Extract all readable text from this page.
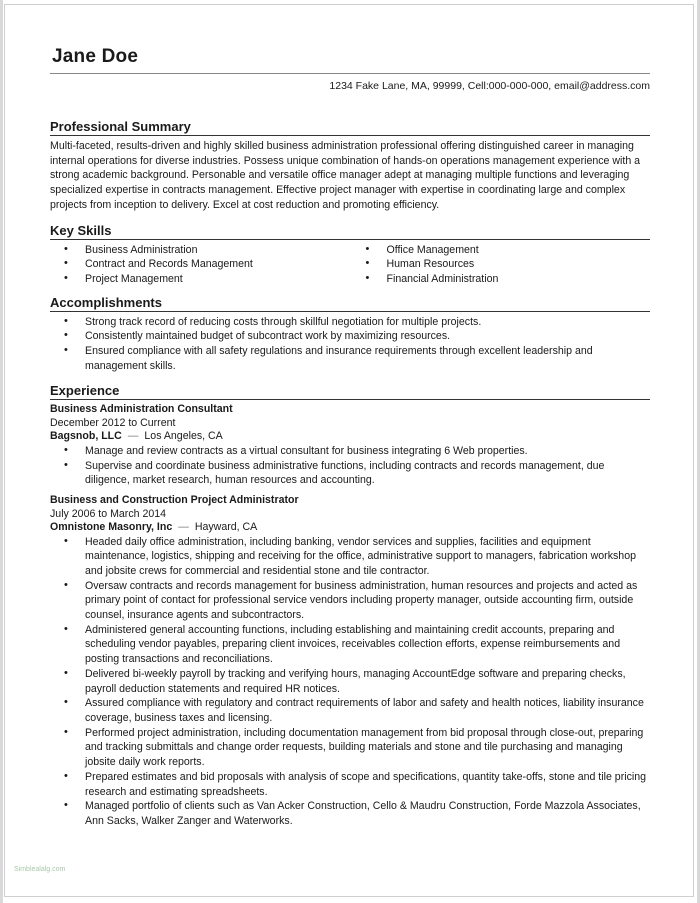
Jane Doe
1234 Fake Lane, MA, 99999, Cell:000-000-000, email@address.com
Professional Summary

Multi-faceted, results-driven and highly skilled business administration professional offering distinguished career in managing internal operations for diverse industries. Possess unique combination of hands-on operations management experience with a strong academic background. Personable and versatile office manager adept at managing multiple functions and leveraging specialized expertise in contracts management. Effective project manager with expertise in coordinating large and complex projects from inception to delivery. Excel at cost reduction and promoting efficiency.

Key Skills
• Business Administration
• Contract and Records Management
• Project Management
• Office Management
• Human Resources
• Financial Administration
Accomplishments
• Strong track record of reducing costs through skillful negotiation for multiple projects.
• Consistently maintained budget of subcontract work by maximizing resources.
• Ensured compliance with all safety regulations and insurance requirements through excellent leadership and management skills.
Experience
Business Administration Consultant
December 2012 to Current
Bagsnob, LLC — Los Angeles, CA
• Manage and review contracts as a virtual consultant for business integrating 6 Web properties.
• Supervise and coordinate business administrative functions, including contracts and records management, due diligence, market research, human resources and accounting.
Business and Construction Project Administrator
July 2006 to March 2014
Omnistone Masonry, Inc — Hayward, CA
• Headed daily office administration, including banking, vendor services and supplies, facilities and equipment maintenance, logistics, shipping and receiving for the office, administrative support to managers, fabrication workshop and jobsite crews for commercial and residential stone and tile contractor.
• Oversaw contracts and records management for business administration, human resources and projects and acted as primary point of contact for professional service vendors including property manager, outside accounting firm, outside counsel, insurance agents and subcontractors.
• Administered general accounting functions, including establishing and maintaining credit accounts, preparing and scheduling vendor payables, preparing client invoices, receivables collection efforts, expense reimbursements and posting transactions and reconciliations.
• Delivered bi-weekly payroll by tracking and verifying hours, managing AccountEdge software and preparing checks, payroll deduction statements and required HR notices.
• Assured compliance with regulatory and contract requirements of labor and safety and health notices, liability insurance coverage, business taxes and licensing.
• Performed project administration, including documentation management from bid proposal through close-out, preparing and tracking submittals and change order requests, building materials and stone and tile purchasing and managing jobsite daily work reports.
• Prepared estimates and bid proposals with analysis of scope and specifications, quantity take-offs, stone and tile pricing research and estimating spreadsheets.
• Managed portfolio of clients such as Van Acker Construction, Cello & Maudru Construction, Forde Mazzola Associates, Ann Sacks, Walker Zanger and Waterworks.
Simblealalg.com
